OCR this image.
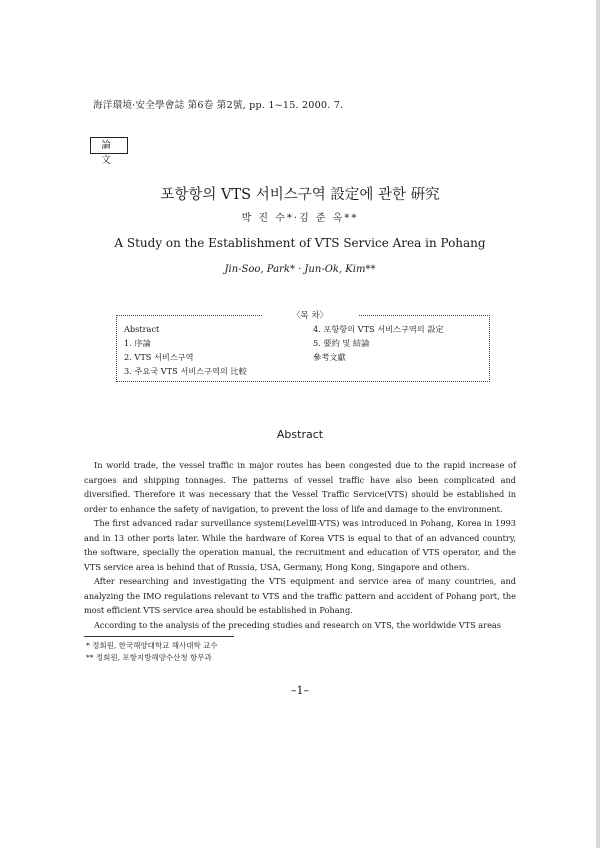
海洋環境·安全學會誌 第6卷 第2號, pp. 1~15. 2000. 7.
論 文
포항항의 VTS 서비스구역 設定에 관한 硏究
박 진 수*·김 준 옥**
A Study on the Establishment of VTS Service Area in Pohang
Jin-Soo, Park* · Jun-Ok, Kim**
〈목 차〉
Abstract
1. 序論
2. VTS 서비스구역
3. 주요국 VTS 서비스구역의 比較
4. 포항항의 VTS 서비스구역의 設定
5. 要約 및 結論
參考文獻
Abstract

In world trade, the vessel traffic in major routes has been congested due to the rapid increase of cargoes and shipping tonnages. The patterns of vessel traffic have also been complicated and diversified. Therefore it was necessary that the Vessel Traffic Service(VTS) should be established in order to enhance the safety of navigation, to prevent the loss of life and damage to the environment.

The first advanced radar surveillance system(LevelⅢ-VTS) was introduced in Pohang, Korea in 1993 and in 13 other ports later. While the hardware of Korea VTS is equal to that of an advanced country, the software, specially the operation manual, the recruitment and education of VTS operator, and the VTS service area is behind that of Russia, USA, Germany, Hong Kong, Singapore and others.

After researching and investigating the VTS equipment and service area of many countries, and analyzing the IMO regulations relevant to VTS and the traffic pattern and accident of Pohang port, the most efficient VTS service area should be established in Pohang.

According to the analysis of the preceding studies and research on VTS, the worldwide VTS areas

* 정회원, 한국해양대학교 해사대학 교수
** 정회원, 포항지방해양수산청 항무과
–1–
